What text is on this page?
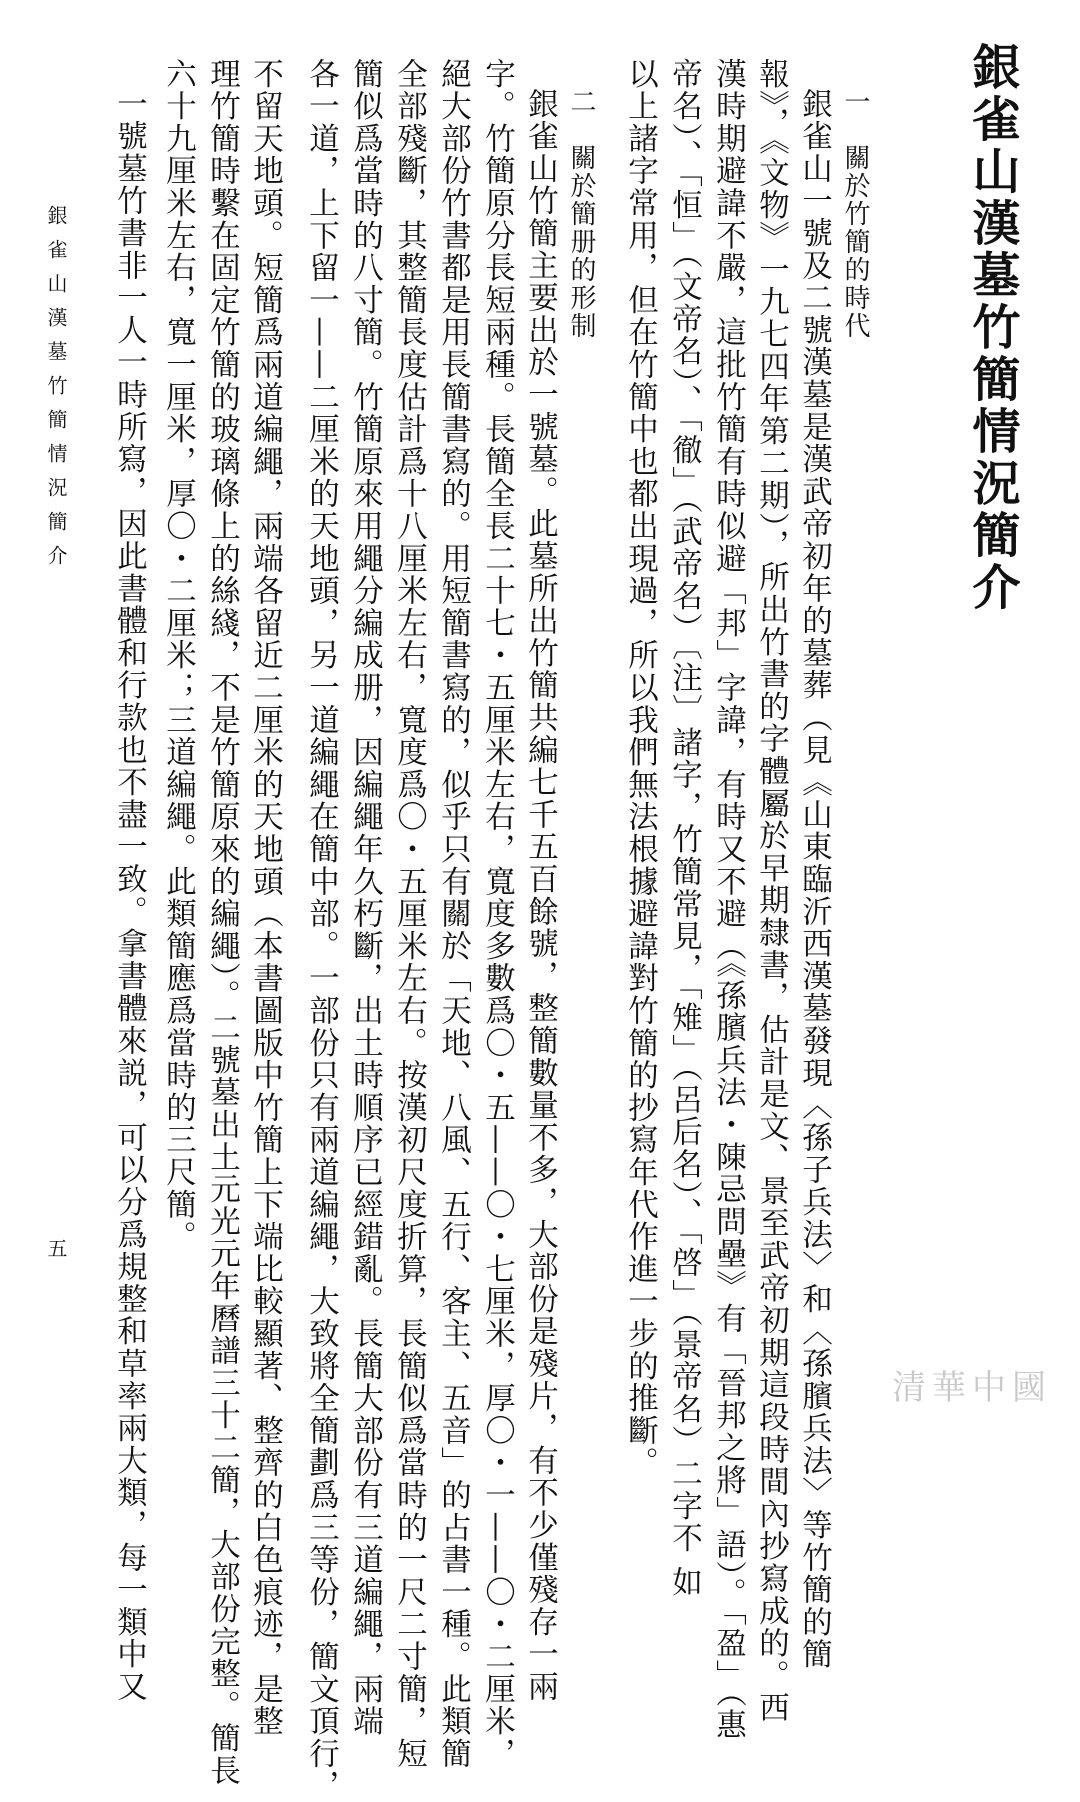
銀雀山漢墓竹簡情況簡介
一　關於竹簡的時代
銀雀山一號及二號漢墓是漢武帝初年的墓葬（見《山東臨沂西漢墓發現〈孫子兵法〉和〈孫臏兵法〉等竹簡的簡
報》，《文物》一九七四年第二期），所出竹書的字體屬於早期隸書，估計是文、景至武帝初期這段時間內抄寫成的。西
漢時期避諱不嚴，這批竹簡有時似避「邦」字諱，有時又不避（《孫臏兵法・陳忌問壘》有「晉邦之將」語）。「盈」（惠
帝名）、「恒」（文帝名）、「徹」（武帝名）〔注〕諸字，竹簡常見，「雉」（呂后名）、「啓」（景帝名）二字不 如
以上諸字常用，但在竹簡中也都出現過，所以我們無法根據避諱對竹簡的抄寫年代作進一步的推斷。
二　關於簡册的形制
銀雀山竹簡主要出於一號墓。此墓所出竹簡共編七千五百餘號，整簡數量不多，大部份是殘片，有不少僅殘存一兩
字。竹簡原分長短兩種。長簡全長二十七・五厘米左右，寬度多數爲〇・五——〇・七厘米，厚〇・一——〇・二厘米，
絕大部份竹書都是用長簡書寫的。用短簡書寫的，似乎只有關於「天地、八風、五行、客主、五音」的占書一種。此類簡
全部殘斷，其整簡長度估計爲十八厘米左右，寬度爲〇・五厘米左右。按漢初尺度折算，長簡似爲當時的一尺二寸簡，短
簡似爲當時的八寸簡。竹簡原來用繩分編成册，因編繩年久朽斷，出土時順序已經錯亂。長簡大部份有三道編繩，兩端
各一道，上下留一——二厘米的天地頭，另一道編繩在簡中部。一部份只有兩道編繩，大致將全簡劃爲三等份，簡文頂行，
不留天地頭。短簡爲兩道編繩，兩端各留近二厘米的天地頭（本書圖版中竹簡上下端比較顯著、整齊的白色痕迹，是整
理竹簡時繫在固定竹簡的玻璃條上的絲綫，不是竹簡原來的編繩）。二號墓出土元光元年曆譜三十二簡，大部份完整。簡長
六十九厘米左右，寬一厘米，厚〇・二厘米；三道編繩。此類簡應爲當時的三尺簡。
一號墓竹書非一人一時所寫，因此書體和行款也不盡一致。拿書體來説，可以分爲規整和草率兩大類，每一類中又
銀雀山漢墓竹簡情況簡介
五
清華中國
